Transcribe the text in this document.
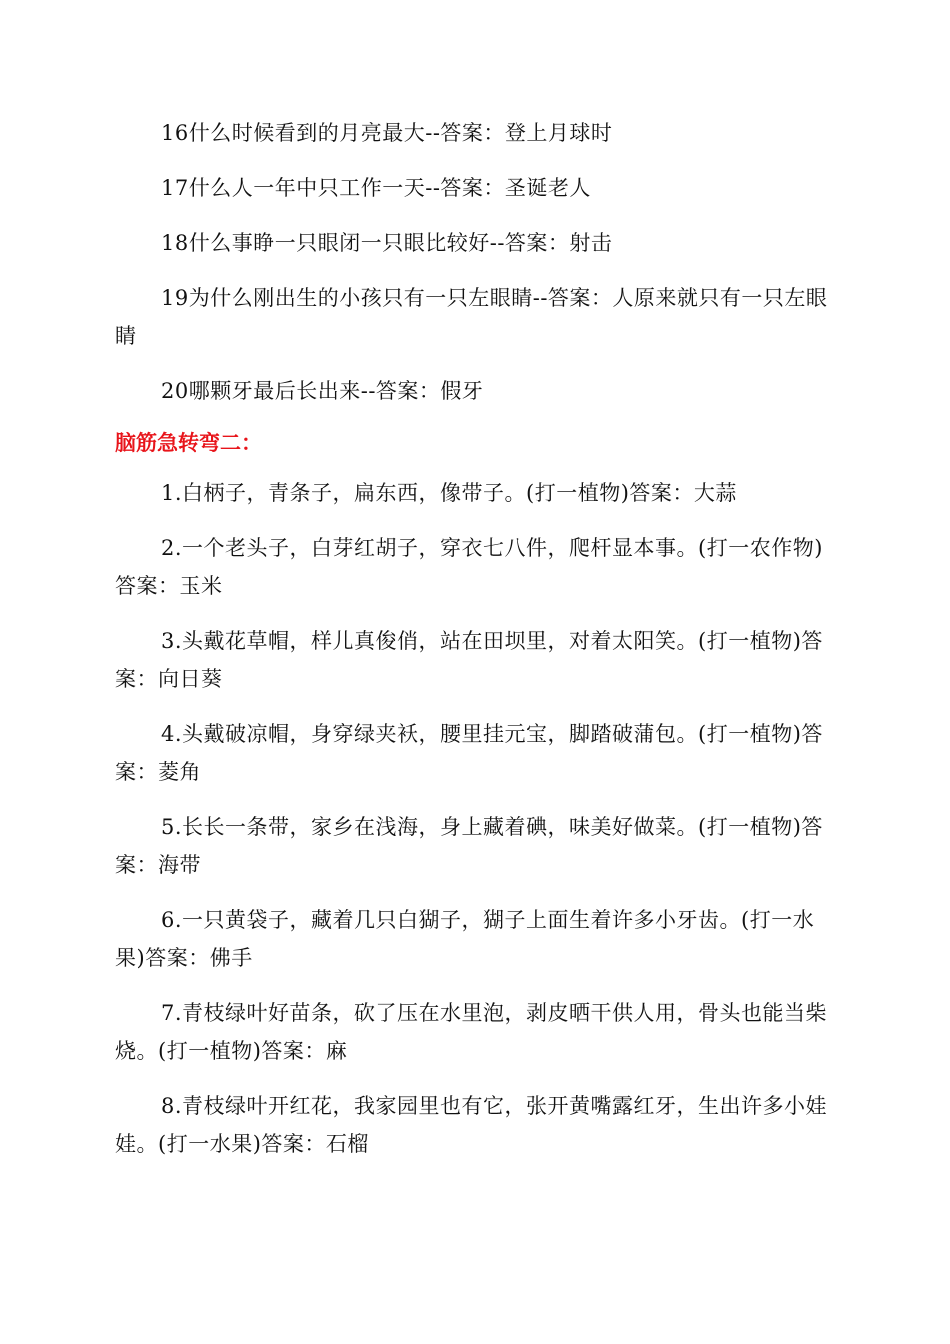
16什么时候看到的月亮最大--答案：登上月球时

17什么人一年中只工作一天--答案：圣诞老人

18什么事睁一只眼闭一只眼比较好--答案：射击

19为什么刚出生的小孩只有一只左眼睛--答案：人原来就只有一只左眼睛

20哪颗牙最后长出来--答案：假牙

脑筋急转弯二：

1.白柄子，青条子，扁东西，像带子。(打一植物)答案：大蒜

2.一个老头子，白芽红胡子，穿衣七八件，爬杆显本事。(打一农作物)答案：玉米

3.头戴花草帽，样儿真俊俏，站在田坝里，对着太阳笑。(打一植物)答案：向日葵

4.头戴破凉帽，身穿绿夹袄，腰里挂元宝，脚踏破蒲包。(打一植物)答案：菱角

5.长长一条带，家乡在浅海，身上藏着碘，味美好做菜。(打一植物)答案：海带

6.一只黄袋子，藏着几只白猢子，猢子上面生着许多小牙齿。(打一水果)答案：佛手

7.青枝绿叶好苗条，砍了压在水里泡，剥皮晒干供人用，骨头也能当柴烧。(打一植物)答案：麻

8.青枝绿叶开红花，我家园里也有它，张开黄嘴露红牙，生出许多小娃娃。(打一水果)答案：石榴
